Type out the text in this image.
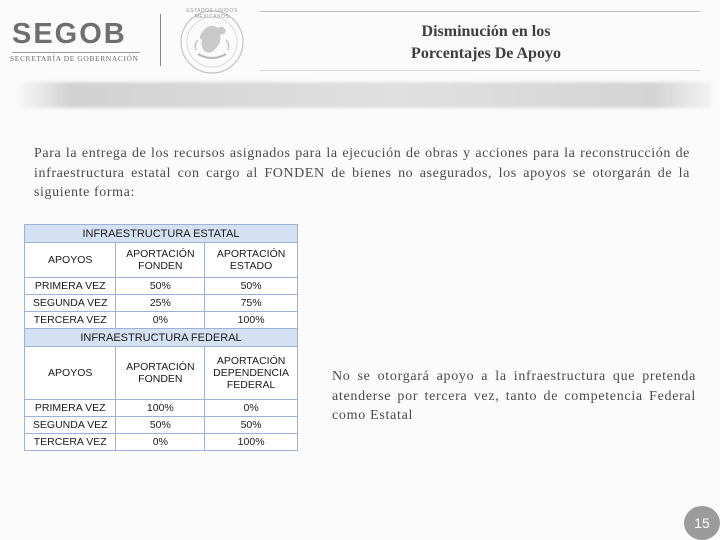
SEGOB
SECRETARÍA DE GOBERNACIÓN
ESTADOS UNIDOS MEXICANOS
Disminución en los
Porcentajes De Apoyo
Para la entrega de los recursos asignados para la ejecución de obras y acciones para la reconstrucción de infraestructura estatal con cargo al FONDEN de bienes no asegurados, los apoyos se otorgarán de la siguiente forma:
INFRAESTRUCTURA ESTATAL		
APOYOS	APORTACIÓN FONDEN	APORTACIÓN ESTADO
PRIMERA VEZ	50%	50%
SEGUNDA VEZ	25%	75%
TERCERA VEZ	0%	100%
INFRAESTRUCTURA FEDERAL		
APOYOS	APORTACIÓN FONDEN	APORTACIÓN DEPENDENCIA FEDERAL
PRIMERA VEZ	100%	0%
SEGUNDA VEZ	50%	50%
TERCERA VEZ	0%	100%
No se otorgará apoyo a la infraestructura que pretenda atenderse por tercera vez, tanto de competencia Federal como Estatal
15
